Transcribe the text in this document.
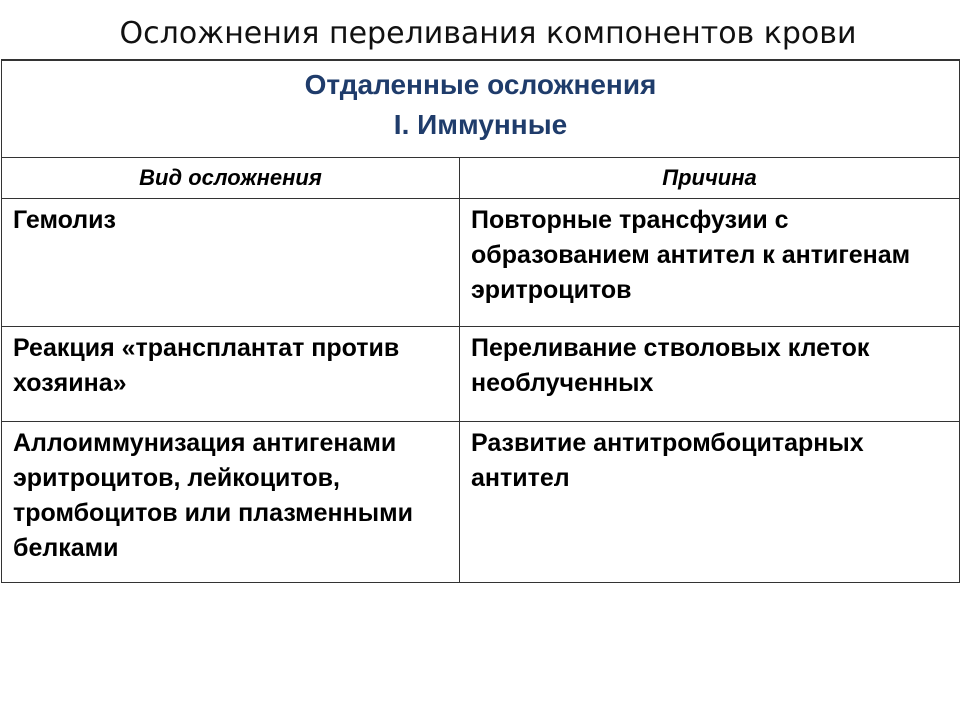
Осложнения переливания компонентов крови
Отдаленные осложнения
I. Иммунные	

Вид осложнения	Причина
Гемолиз	Повторные трансфузии с образованием антител к антигенам эритроцитов
Реакция «трансплантат против хозяина»	Переливание стволовых клеток необлученных
Аллоиммунизация антигенами эритроцитов, лейкоцитов, тромбоцитов или плазменными белками	Развитие антитромбоцитарных антител
